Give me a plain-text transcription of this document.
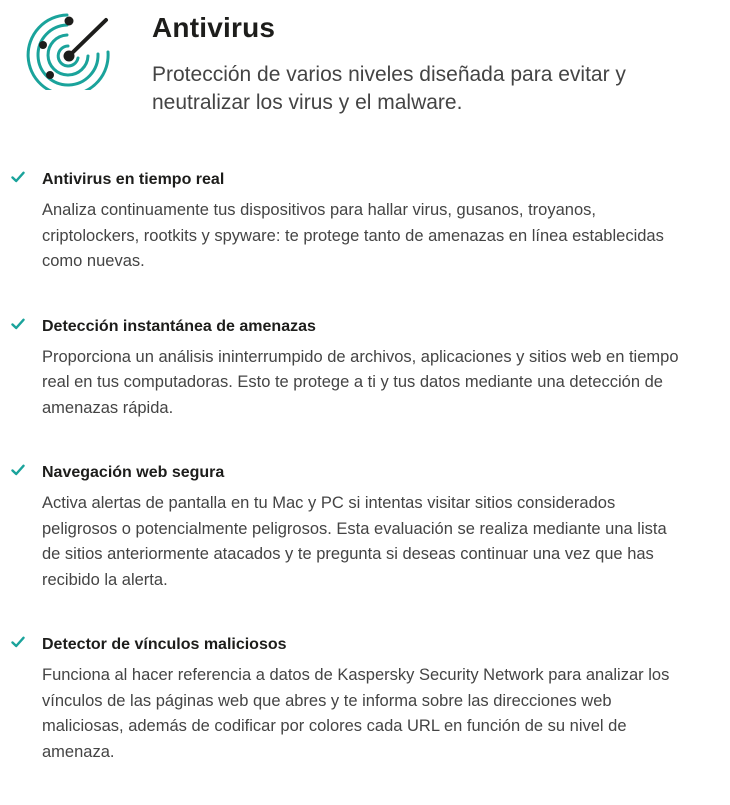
Antivirus

Protección de varios niveles diseñada para evitar y neutralizar los virus y el malware.

Antivirus en tiempo real

Analiza continuamente tus dispositivos para hallar virus, gusanos, troyanos, criptolockers, rootkits y spyware: te protege tanto de amenazas en línea establecidas como nuevas.

Detección instantánea de amenazas

Proporciona un análisis ininterrumpido de archivos, aplicaciones y sitios web en tiempo real en tus computadoras. Esto te protege a ti y tus datos mediante una detección de amenazas rápida.

Navegación web segura

Activa alertas de pantalla en tu Mac y PC si intentas visitar sitios considerados peligrosos o potencialmente peligrosos. Esta evaluación se realiza mediante una lista de sitios anteriormente atacados y te pregunta si deseas continuar una vez que has recibido la alerta.

Detector de vínculos maliciosos

Funciona al hacer referencia a datos de Kaspersky Security Network para analizar los vínculos de las páginas web que abres y te informa sobre las direcciones web maliciosas, además de codificar por colores cada URL en función de su nivel de amenaza.
